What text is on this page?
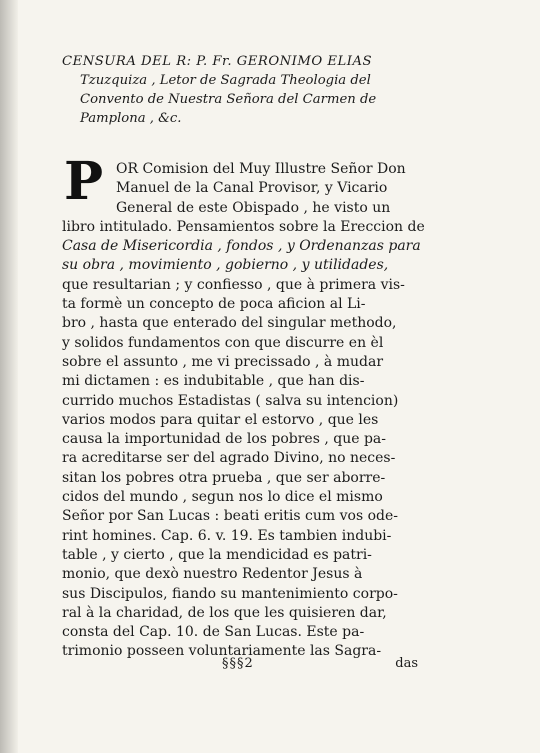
CENSURA DEL R: P. Fr. GERONIMO ELIAS
Tzuzquiza , Letor de Sagrada Theologia del
Convento de Nuestra Señora del Carmen de
Pamplona , &c.

P OR Comision del Muy Illustre Señor Don
Manuel de la Canal Provisor, y Vicario
General de este Obispado , he visto un
libro intitulado. Pensamientos sobre la Ereccion de
Casa de Misericordia , fondos , y Ordenanzas para
su obra , movimiento , gobierno , y utilidades,
que resultarian ; y confiesso , que à primera vis-
ta formè un concepto de poca aficion al Li-
bro , hasta que enterado del singular methodo,
y solidos fundamentos con que discurre en èl
sobre el assunto , me vi precissado , à mudar
mi dictamen : es indubitable , que han dis-
currido muchos Estadistas ( salva su intencion)
varios modos para quitar el estorvo , que les
causa la importunidad de los pobres , que pa-
ra acreditarse ser del agrado Divino, no neces-
sitan los pobres otra prueba , que ser aborre-
cidos del mundo , segun nos lo dice el mismo
Señor por San Lucas : beati eritis cum vos ode-
rint homines. Cap. 6. v. 19. Es tambien indubi-
table , y cierto , que la mendicidad es patri-
monio, que dexò nuestro Redentor Jesus à
sus Discipulos, fiando su mantenimiento corpo-
ral à la charidad, de los que les quisieren dar,
consta del Cap. 10. de San Lucas. Este pa-
trimonio posseen voluntariamente las Sagra-
§§§2	das
